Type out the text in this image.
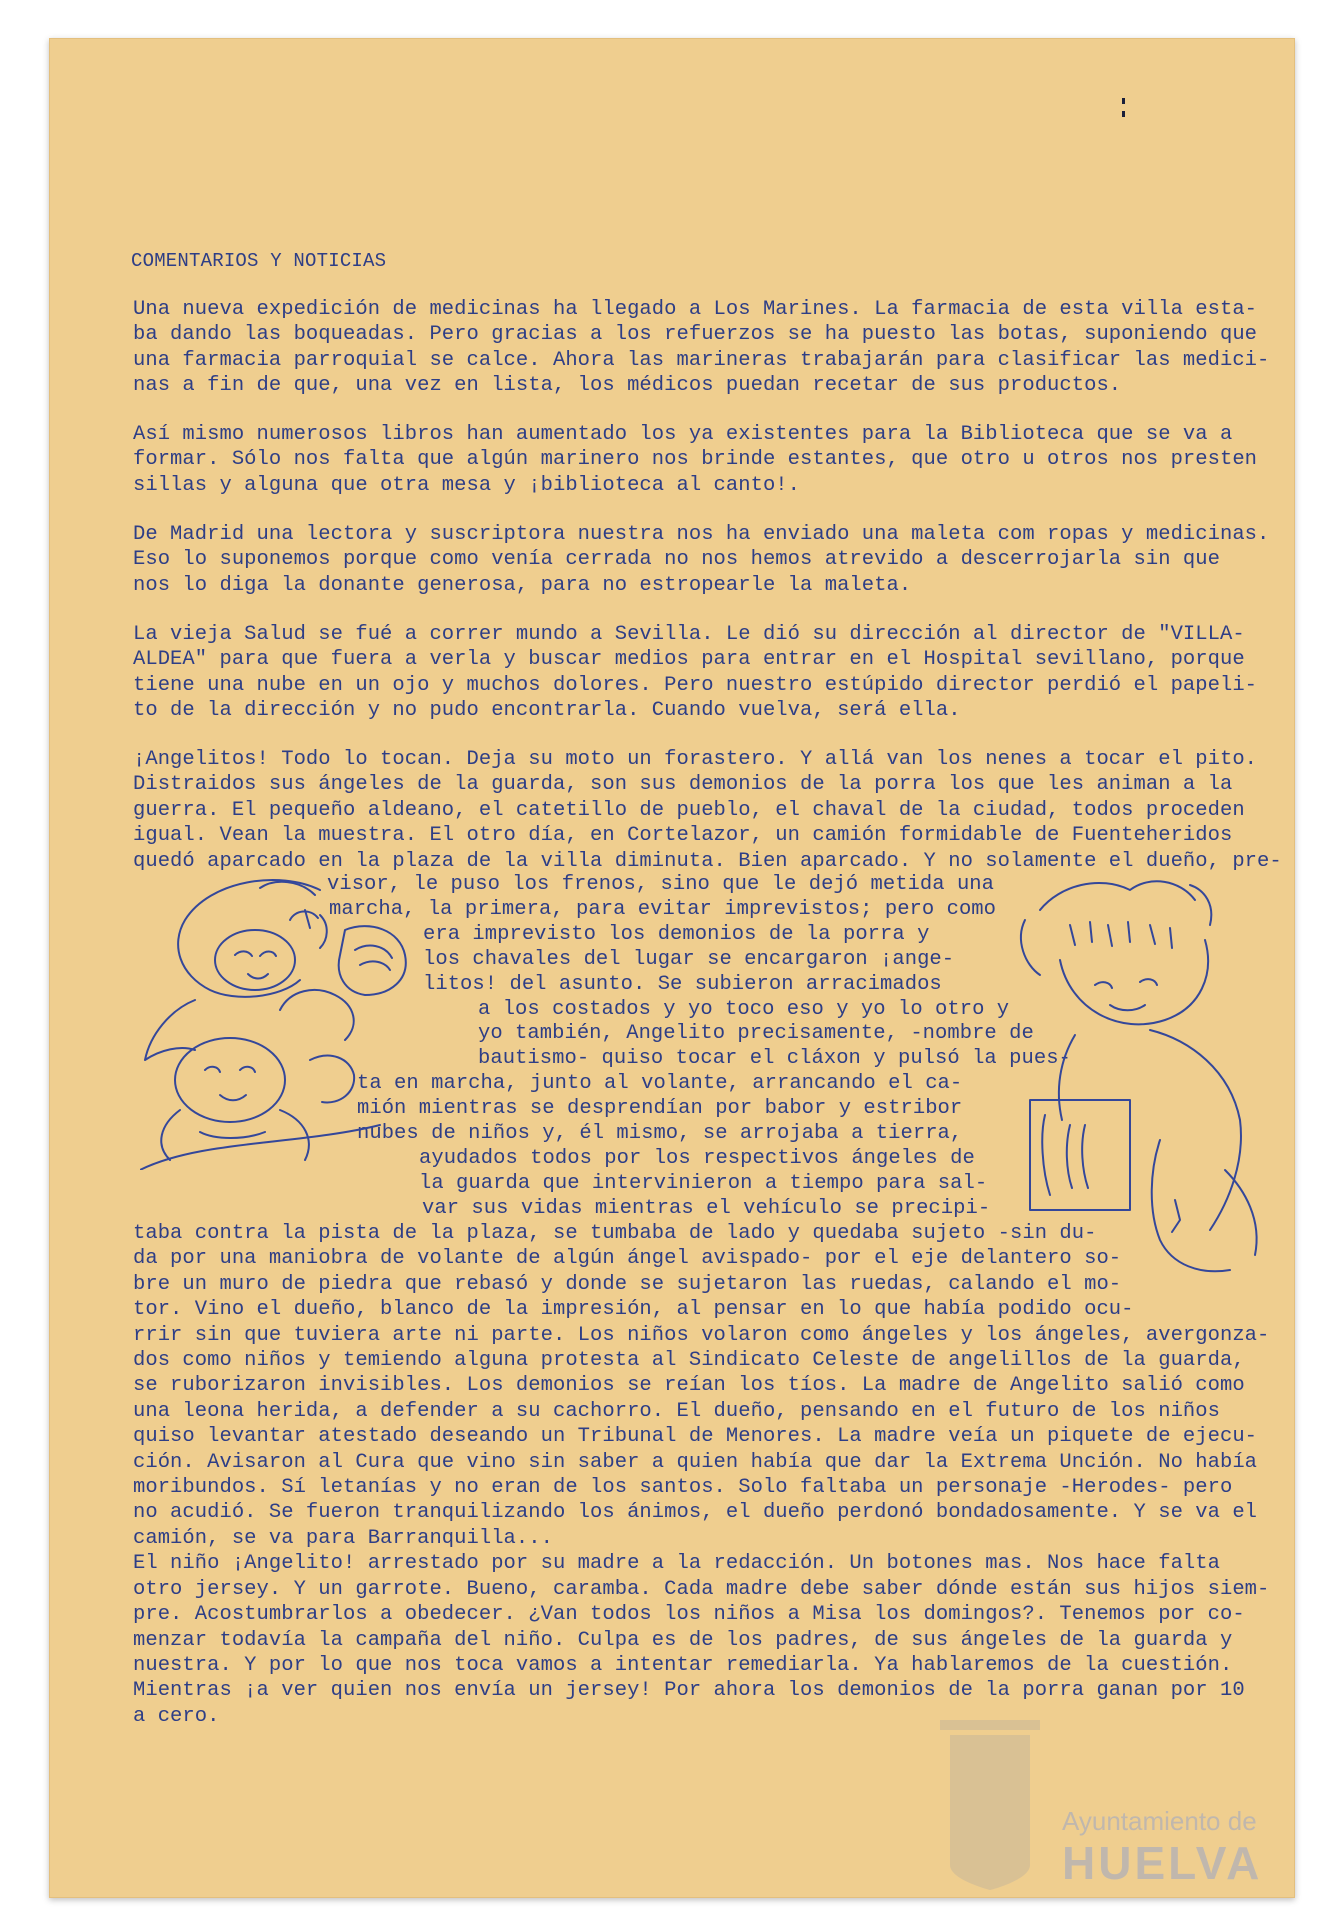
COMENTARIOS Y NOTICIAS
Una nueva expedición de medicinas ha llegado a Los Marines. La farmacia de esta villa esta-
ba dando las boqueadas. Pero gracias a los refuerzos se ha puesto las botas, suponiendo que
una farmacia parroquial se calce. Ahora las marineras trabajarán para clasificar las medici-
nas a fin de que, una vez en lista, los médicos puedan recetar de sus productos.
Así mismo numerosos libros han aumentado los ya existentes para la Biblioteca que se va a
formar. Sólo nos falta que algún marinero nos brinde estantes, que otro u otros nos presten
sillas y alguna que otra mesa y ¡biblioteca al canto!.
De Madrid una lectora y suscriptora nuestra nos ha enviado una maleta com ropas y medicinas.
Eso lo suponemos porque como venía cerrada no nos hemos atrevido a descerrojarla sin que
nos lo diga la donante generosa, para no estropearle la maleta.
La vieja Salud se fué a correr mundo a Sevilla. Le dió su dirección al director de "VILLA-
ALDEA" para que fuera a verla y buscar medios para entrar en el Hospital sevillano, porque
tiene una nube en un ojo y muchos dolores. Pero nuestro estúpido director perdió el papeli-
to de la dirección y no pudo encontrarla. Cuando vuelva, será ella.
¡Angelitos! Todo lo tocan. Deja su moto un forastero. Y allá van los nenes a tocar el pito.
Distraidos sus ángeles de la guarda, son sus demonios de la porra los que les animan a la
guerra. El pequeño aldeano, el catetillo de pueblo, el chaval de la ciudad, todos proceden
igual. Vean la muestra. El otro día, en Cortelazor, un camión formidable de Fuenteheridos
quedó aparcado en la plaza de la villa diminuta. Bien aparcado. Y no solamente el dueño, pre-
visor, le puso los frenos, sino que le dejó metida una
marcha, la primera, para evitar imprevistos; pero como
era imprevisto los demonios de la porra y
los chavales del lugar se encargaron ¡ange-
litos! del asunto. Se subieron arracimados
a los costados y yo toco eso y yo lo otro y
yo también, Angelito precisamente, -nombre de
bautismo- quiso tocar el cláxon y pulsó la pues-
ta en marcha, junto al volante, arrancando el ca-
mión mientras se desprendían por babor y estribor
nubes de niños y, él mismo, se arrojaba a tierra,
ayudados todos por los respectivos ángeles de
la guarda que intervinieron a tiempo para sal-
var sus vidas mientras el vehículo se precipi-
taba contra la pista de la plaza, se tumbaba de lado y quedaba sujeto -sin du-
da por una maniobra de volante de algún ángel avispado- por el eje delantero so-
bre un muro de piedra que rebasó y donde se sujetaron las ruedas, calando el mo-
tor. Vino el dueño, blanco de la impresión, al pensar en lo que había podido ocu-
rrir sin que tuviera arte ni parte. Los niños volaron como ángeles y los ángeles, avergonza-
dos como niños y temiendo alguna protesta al Sindicato Celeste de angelillos de la guarda,
se ruborizaron invisibles. Los demonios se reían los tíos. La madre de Angelito salió como
una leona herida, a defender a su cachorro. El dueño, pensando en el futuro de los niños
quiso levantar atestado deseando un Tribunal de Menores. La madre veía un piquete de ejecu-
ción. Avisaron al Cura que vino sin saber a quien había que dar la Extrema Unción. No había
moribundos. Sí letanías y no eran de los santos. Solo faltaba un personaje -Herodes- pero
no acudió. Se fueron tranquilizando los ánimos, el dueño perdonó bondadosamente. Y se va el
camión, se va para Barranquilla...
El niño ¡Angelito! arrestado por su madre a la redacción. Un botones mas. Nos hace falta
otro jersey. Y un garrote. Bueno, caramba. Cada madre debe saber dónde están sus hijos siem-
pre. Acostumbrarlos a obedecer. ¿Van todos los niños a Misa los domingos?. Tenemos por co-
menzar todavía la campaña del niño. Culpa es de los padres, de sus ángeles de la guarda y
nuestra. Y por lo que nos toca vamos a intentar remediarla. Ya hablaremos de la cuestión.
Mientras ¡a ver quien nos envía un jersey! Por ahora los demonios de la porra ganan por 10
a cero.
Ayuntamiento de
HUELVA
